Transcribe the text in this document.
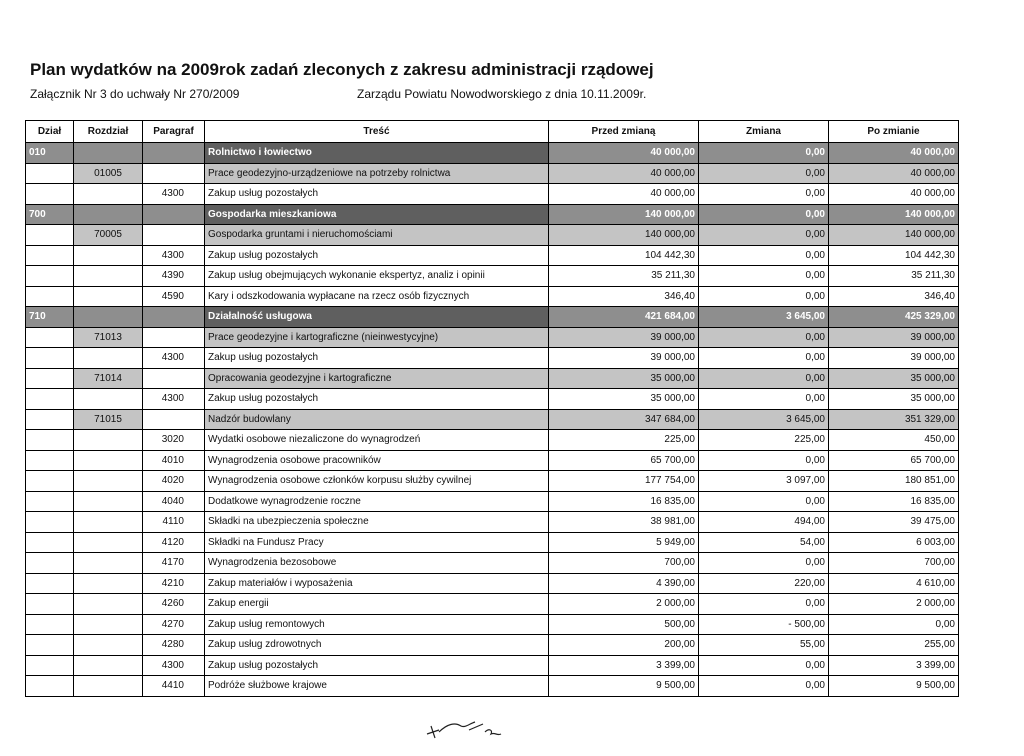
Plan wydatków na 2009rok zadań zleconych z zakresu administracji rządowej
Załącznik Nr 3 do uchwały Nr 270/2009	Zarządu Powiatu Nowodworskiego z dnia 10.11.2009r.
Dział	Rozdział	Paragraf	Treść	Przed zmianą	Zmiana	Po zmianie
010			Rolnictwo i łowiectwo	40 000,00	0,00	40 000,00
	01005		Prace geodezyjno-urządzeniowe na potrzeby rolnictwa	40 000,00	0,00	40 000,00
		4300	Zakup usług pozostałych	40 000,00	0,00	40 000,00
700			Gospodarka mieszkaniowa	140 000,00	0,00	140 000,00
	70005		Gospodarka gruntami i nieruchomościami	140 000,00	0,00	140 000,00
		4300	Zakup usług pozostałych	104 442,30	0,00	104 442,30
		4390	Zakup usług obejmujących wykonanie ekspertyz, analiz i opinii	35 211,30	0,00	35 211,30
		4590	Kary i odszkodowania wypłacane na rzecz osób fizycznych	346,40	0,00	346,40
710			Działalność usługowa	421 684,00	3 645,00	425 329,00
	71013		Prace geodezyjne i kartograficzne (nieinwestycyjne)	39 000,00	0,00	39 000,00
		4300	Zakup usług pozostałych	39 000,00	0,00	39 000,00
	71014		Opracowania geodezyjne i kartograficzne	35 000,00	0,00	35 000,00
		4300	Zakup usług pozostałych	35 000,00	0,00	35 000,00
	71015		Nadzór budowlany	347 684,00	3 645,00	351 329,00
		3020	Wydatki osobowe niezaliczone do wynagrodzeń	225,00	225,00	450,00
		4010	Wynagrodzenia osobowe pracowników	65 700,00	0,00	65 700,00
		4020	Wynagrodzenia osobowe członków korpusu służby cywilnej	177 754,00	3 097,00	180 851,00
		4040	Dodatkowe wynagrodzenie roczne	16 835,00	0,00	16 835,00
		4110	Składki na ubezpieczenia społeczne	38 981,00	494,00	39 475,00
		4120	Składki na Fundusz Pracy	5 949,00	54,00	6 003,00
		4170	Wynagrodzenia bezosobowe	700,00	0,00	700,00
		4210	Zakup materiałów i wyposażenia	4 390,00	220,00	4 610,00
		4260	Zakup energii	2 000,00	0,00	2 000,00
		4270	Zakup usług remontowych	500,00	- 500,00	0,00
		4280	Zakup usług zdrowotnych	200,00	55,00	255,00
		4300	Zakup usług pozostałych	3 399,00	0,00	3 399,00
		4410	Podróże służbowe krajowe	9 500,00	0,00	9 500,00
